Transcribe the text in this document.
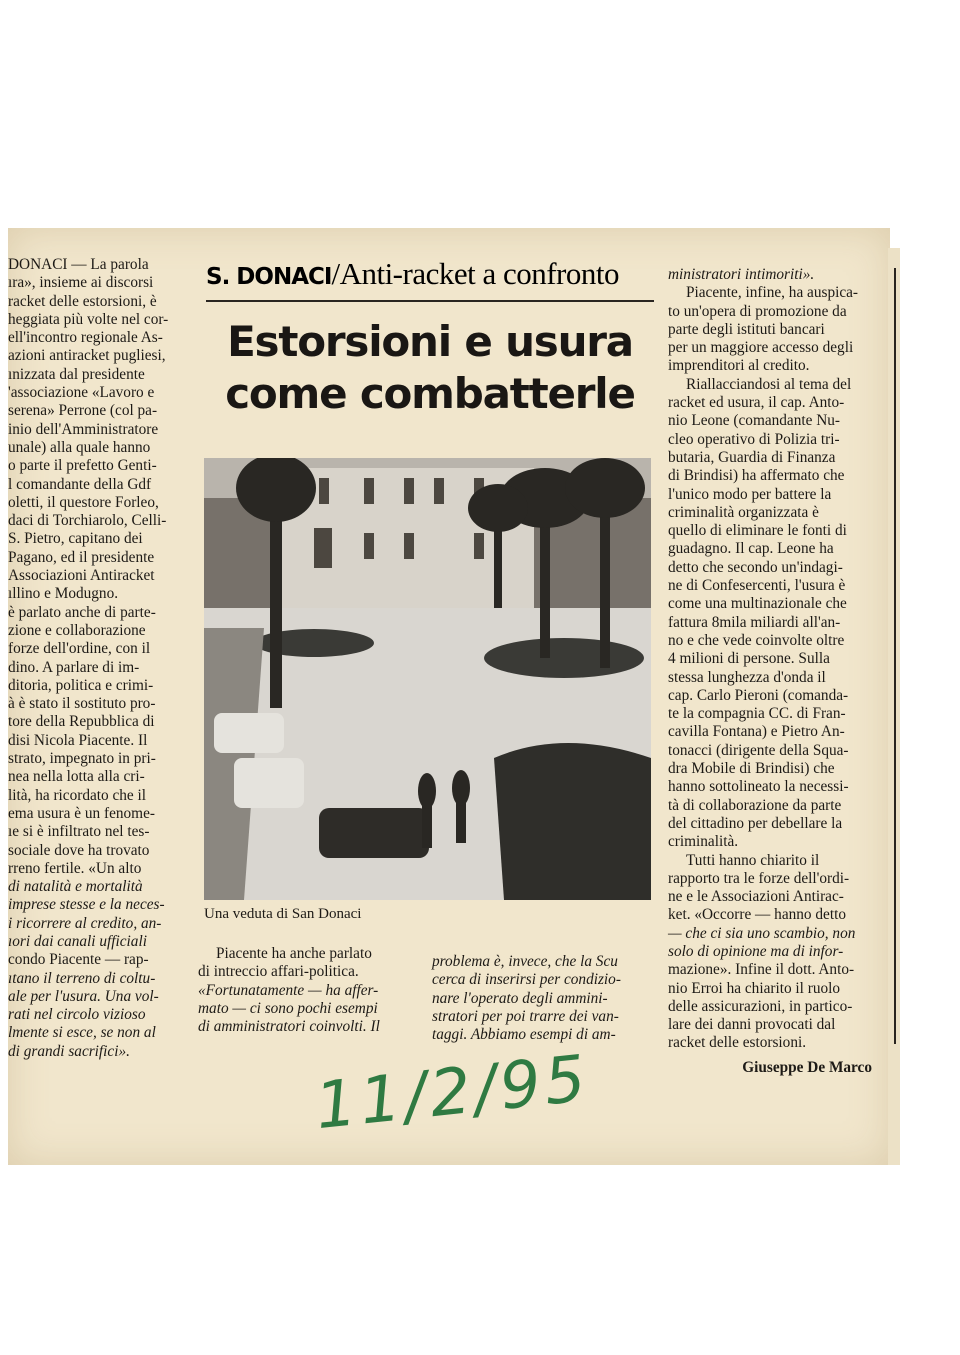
DONACI — La parola

ıra», insieme ai discorsi

racket delle estorsioni, è

heggiata più volte nel cor-

ell'incontro regionale As-

azioni antiracket pugliesi,

ınizzata dal presidente

'associazione «Lavoro e

serena» Perrone (col pa-

inio dell'Amministratore

unale) alla quale hanno

o parte il prefetto Genti-

l comandante della Gdf

oletti, il questore Forleo,

daci di Torchiarolo, Celli-

S. Pietro, capitano dei

Pagano, ed il presidente

Associazioni Antiracket

ıllino e Modugno.

è parlato anche di parte-

zione e collaborazione

forze dell'ordine, con il

dino. A parlare di im-

ditoria, politica e crimi-

à è stato il sostituto pro-

tore della Repubblica di

disi Nicola Piacente. Il

strato, impegnato in pri-

nea nella lotta alla cri-

lità, ha ricordato che il

ema usura è un fenome-

ıe si è infiltrato nel tes-

sociale dove ha trovato

rreno fertile. «Un alto

di natalità e mortalità

imprese stesse e la neces-

i ricorrere al credito, an-

ıori dai canali ufficiali

condo Piacente — rap-

ıtano il terreno di coltu-

ale per l'usura. Una vol-

rati nel circolo vizioso

lmente si esce, se non al

di grandi sacrifici».

S. DONACI/Anti-racket a confronto
Estorsioni e usura
come combatterle
Una veduta di San Donaci

Piacente ha anche parlato

di intreccio affari-politica.

«Fortunatamente — ha affer-

mato — ci sono pochi esempi

di amministratori coinvolti. Il

problema è, invece, che la Scu

cerca di inserirsi per condizio-

nare l'operato degli ammini-

stratori per poi trarre dei van-

taggi. Abbiamo esempi di am-

ministratori intimoriti».

Piacente, infine, ha auspica-

to un'opera di promozione da

parte degli istituti bancari

per un maggiore accesso degli

imprenditori al credito.

Riallacciandosi al tema del

racket ed usura, il cap. Anto-

nio Leone (comandante Nu-

cleo operativo di Polizia tri-

butaria, Guardia di Finanza

di Brindisi) ha affermato che

l'unico modo per battere la

criminalità organizzata è

quello di eliminare le fonti di

guadagno. Il cap. Leone ha

detto che secondo un'indagi-

ne di Confesercenti, l'usura è

come una multinazionale che

fattura 8mila miliardi all'an-

no e che vede coinvolte oltre

4 milioni di persone. Sulla

stessa lunghezza d'onda il

cap. Carlo Pieroni (comanda-

te la compagnia CC. di Fran-

cavilla Fontana) e Pietro An-

tonacci (dirigente della Squa-

dra Mobile di Brindisi) che

hanno sottolineato la necessi-

tà di collaborazione da parte

del cittadino per debellare la

criminalità.

Tutti hanno chiarito il

rapporto tra le forze dell'ordi-

ne e le Associazioni Antirac-

ket. «Occorre — hanno detto

— che ci sia uno scambio, non

solo di opinione ma di infor-

mazione». Infine il dott. Anto-

nio Erroi ha chiarito il ruolo

delle assicurazioni, in partico-

lare dei danni provocati dal

racket delle estorsioni.

Giuseppe De Marco
11/2/95
